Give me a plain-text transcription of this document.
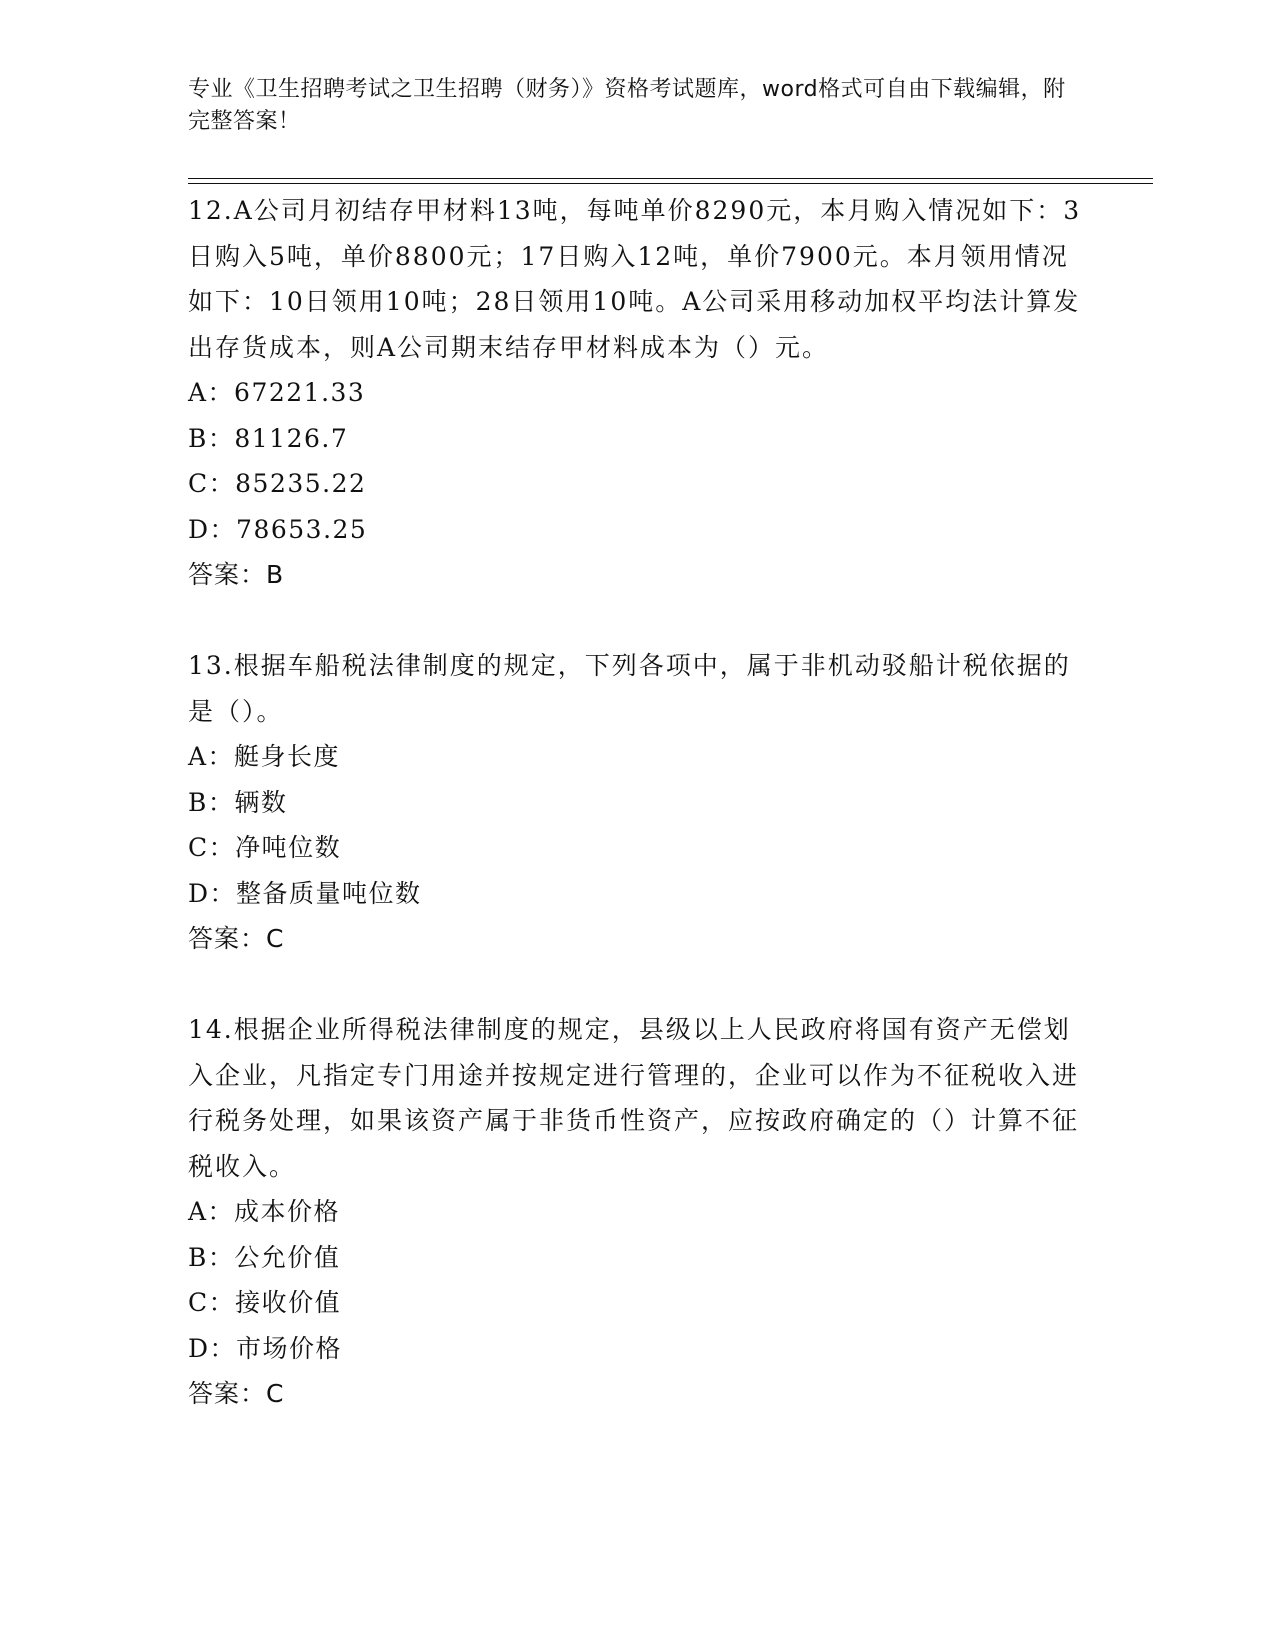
专业《卫生招聘考试之卫生招聘（财务）》资格考试题库，word格式可自由下载编辑，附完整答案！

12.A公司月初结存甲材料13吨，每吨单价8290元，本月购入情况如下：3日购入5吨，单价8800元；17日购入12吨，单价7900元。本月领用情况如下：10日领用10吨；28日领用10吨。A公司采用移动加权平均法计算发出存货成本，则A公司期末结存甲材料成本为（）元。

A：67221.33

B：81126.7

C：85235.22

D：78653.25

答案：B

13.根据车船税法律制度的规定，下列各项中，属于非机动驳船计税依据的是（）。

A：艇身长度

B：辆数

C：净吨位数

D：整备质量吨位数

答案：C

14.根据企业所得税法律制度的规定，县级以上人民政府将国有资产无偿划入企业，凡指定专门用途并按规定进行管理的，企业可以作为不征税收入进行税务处理，如果该资产属于非货币性资产，应按政府确定的（）计算不征税收入。

A：成本价格

B：公允价值

C：接收价值

D：市场价格

答案：C
